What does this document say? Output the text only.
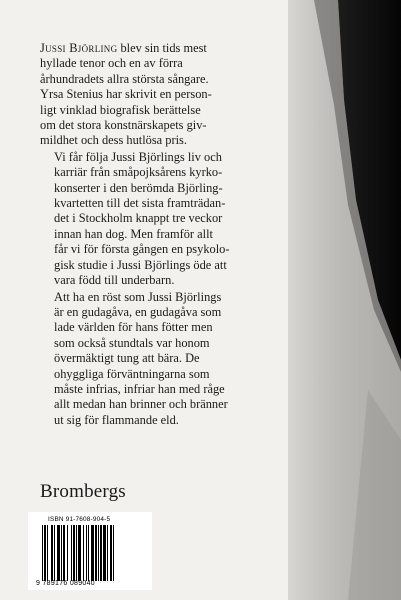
Jussi Björling blev sin tids mest
hyllade tenor och en av förra
århundradets allra största sångare.
Yrsa Stenius har skrivit en person-
ligt vinklad biografisk berättelse
om det stora konstnärskapets giv-
mildhet och dess hutlösa pris.

Vi får följa Jussi Björlings liv och
karriär från småpojksårens kyrko-
konserter i den berömda Björling-
kvartetten till det sista framträdan-
det i Stockholm knappt tre veckor
innan han dog. Men framför allt
får vi för första gången en psykolo-
gisk studie i Jussi Björlings öde att
vara född till underbarn.

Att ha en röst som Jussi Björlings
är en gudagåva, en gudagåva som
lade världen för hans fötter men
som också stundtals var honom
övermäktigt tung att bära. De
ohyggliga förväntningarna som
måste infrias, infriar han med råge
allt medan han brinner och bränner
ut sig för flammande eld.

Brombergs
ISBN 91-7608-904-5
9 789176 089040
